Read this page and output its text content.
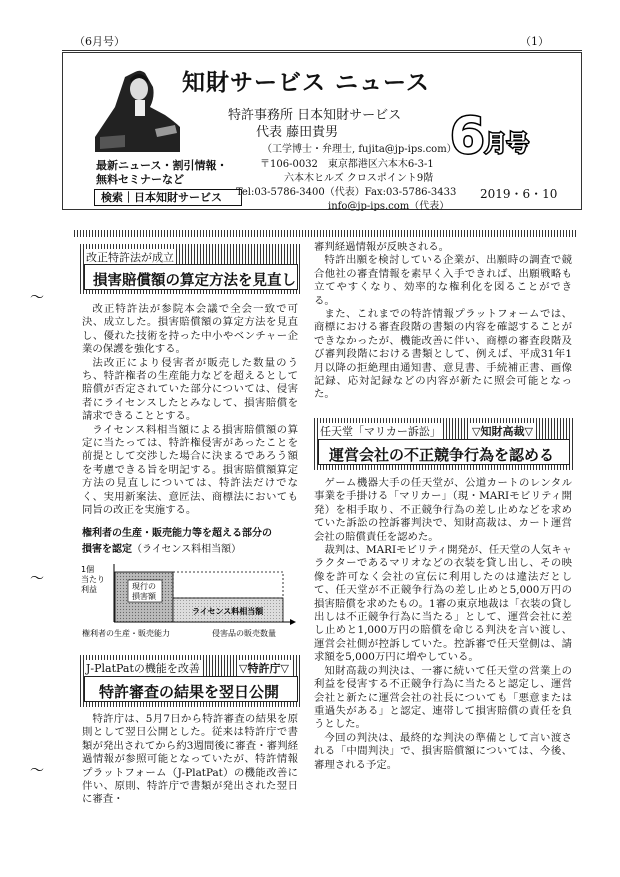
（6月号）	（1）
知財サービス ニュース
特許事務所 日本知財サービス
代表 藤田貴男
（工学博士・弁理士, fujita@jp-ips.com）
〒106-0032　東京都港区六本木6-3-1
六本木ヒルズ クロスポイント9階
Tel:03-5786-3400（代表）Fax:03-5786-3433
info@jp-ips.com（代表）
最新ニュース・割引情報・
無料セミナーなど
検索｜日本知財サービス
6月号
2019・6・10
改正特許法が成立
損害賠償額の算定方法を見直し

改正特許法が参院本会議で全会一致で可決、成立した。損害賠償額の算定方法を見直し、優れた技術を持った中小やベンチャー企業の保護を強化する。

法改正により侵害者が販売した数量のうち、特許権者の生産能力などを超えるとして賠償が否定されていた部分については、侵害者にライセンスしたとみなして、損害賠償を請求できることとする。

ライセンス料相当額による損害賠償額の算定に当たっては、特許権侵害があったことを前提として交渉した場合に決まるであろう額を考慮できる旨を明記する。損害賠償額算定方法の見直しについては、特許法だけでなく、実用新案法、意匠法、商標法においても同旨の改正を実施する。

権利者の生産・販売能力等を超える部分の
損害を認定（ライセンス料相当額）
1個
当たり
利益	現行の
損害額
ライセンス料相当額
権利者の生産・販売能力	侵害品の販売数量
J-PlatPatの機能を改善	▽特許庁▽
特許審査の結果を翌日公開

特許庁は、5月7日から特許審査の結果を原則として翌日公開とした。従来は特許庁で書類が発出されてから約3週間後に審査・審判経過情報が参照可能となっていたが、特許情報プラットフォーム（J-PlatPat）の機能改善に伴い、原則、特許庁で書類が発出された翌日に審査・

審判経過情報が反映される。

特許出願を検討している企業が、出願時の調査で競合他社の審査情報を素早く入手できれば、出願戦略も立てやすくなり、効率的な権利化を図ることができる。

また、これまでの特許情報プラットフォームでは、商標における審査段階の書類の内容を確認することができなかったが、機能改善に伴い、商標の審査段階及び審判段階における書類として、例えば、平成31年1月以降の拒絶理由通知書、意見書、手続補正書、画像記録、応対記録などの内容が新たに照会可能となった。

任天堂「マリカー訴訟」	▽知財高裁▽
運営会社の不正競争行為を認める

ゲーム機器大手の任天堂が、公道カートのレンタル事業を手掛ける「マリカー」（現・MARIモビリティ開発）を相手取り、不正競争行為の差し止めなどを求めていた訴訟の控訴審判決で、知財高裁は、カート運営会社の賠償責任を認めた。

裁判は、MARIモビリティ開発が、任天堂の人気キャラクターであるマリオなどの衣装を貸し出し、その映像を許可なく会社の宣伝に利用したのは違法だとして、任天堂が不正競争行為の差し止めと5,000万円の損害賠償を求めたもの。1審の東京地裁は「衣装の貸し出しは不正競争行為に当たる」として、運営会社に差し止めと1,000万円の賠償を命じる判決を言い渡し、運営会社側が控訴していた。控訴審で任天堂側は、請求額を5,000万円に増やしている。

知財高裁の判決は、一審に続いて任天堂の営業上の利益を侵害する不正競争行為に当たると認定し、運営会社と新たに運営会社の社長についても「悪意または重過失がある」と認定、連帯して損害賠償の責任を負うとした。

今回の判決は、最終的な判決の準備として言い渡される「中間判決」で、損害賠償額については、今後、審理される予定。

〜
〜
〜
